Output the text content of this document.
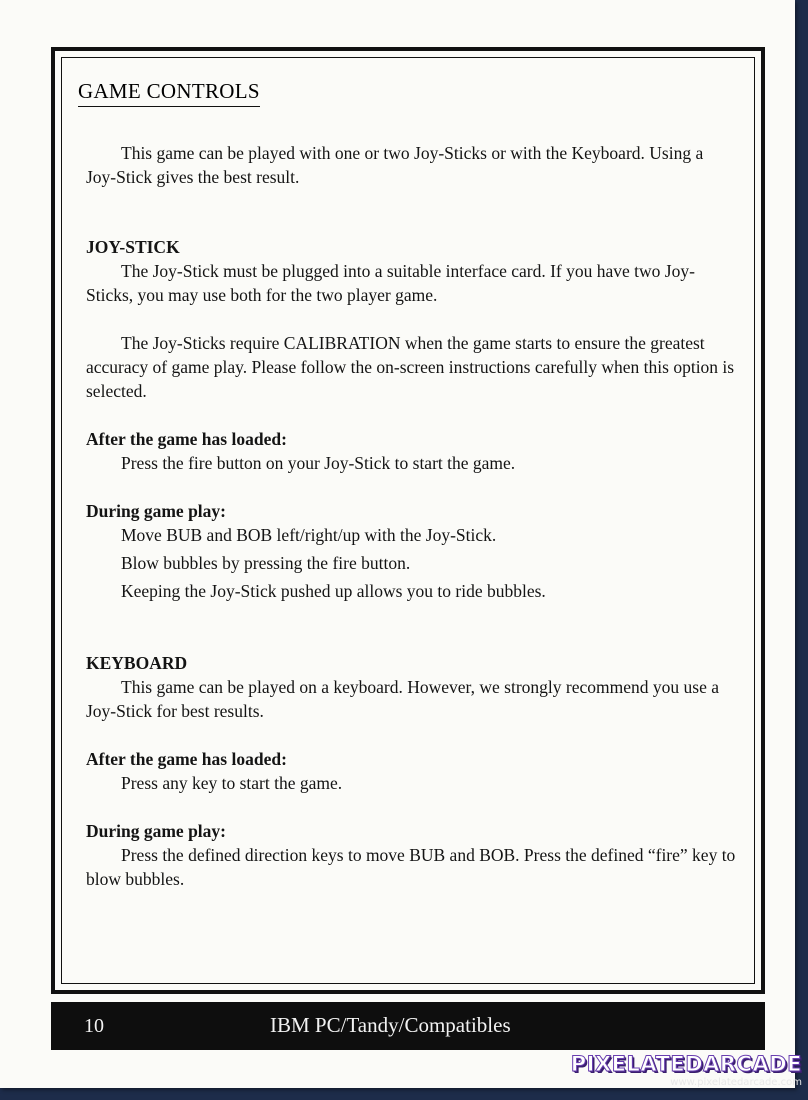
GAME CONTROLS

This game can be played with one or two Joy-Sticks or with the Keyboard. Using a Joy-Stick gives the best result.

JOY-STICK

The Joy-Stick must be plugged into a suitable interface card. If you have two Joy-Sticks, you may use both for the two player game.

The Joy-Sticks require CALIBRATION when the game starts to ensure the greatest accuracy of game play. Please follow the on-screen instructions carefully when this option is selected.

After the game has loaded:

Press the fire button on your Joy-Stick to start the game.

During game play:

Move BUB and BOB left/right/up with the Joy-Stick.

Blow bubbles by pressing the fire button.

Keeping the Joy-Stick pushed up allows you to ride bubbles.

KEYBOARD

This game can be played on a keyboard. However, we strongly recommend you use a Joy-Stick for best results.

After the game has loaded:

Press any key to start the game.

During game play:

Press the defined direction keys to move BUB and BOB. Press the defined “fire” key to blow bubbles.

10	IBM PC/Tandy/Compatibles
PIXELATEDARCADE
www.pixelatedarcade.com
